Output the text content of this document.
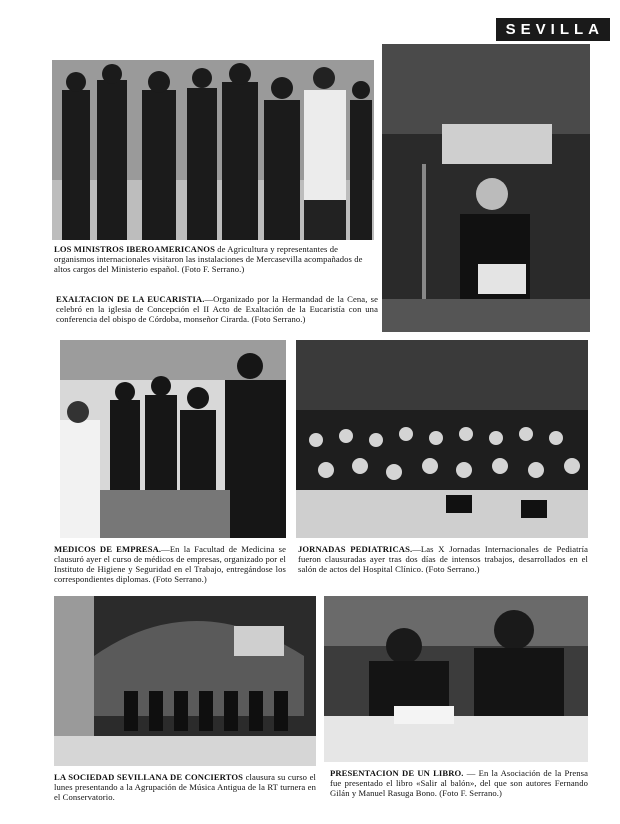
SEVILLA
LOS MINISTROS IBEROAMERICANOS de Agricultura y representantes de organismos internacionales visitaron las instalaciones de Mercasevilla acompañados de altos cargos del Ministerio español. (Foto F. Serrano.)
EXALTACION DE LA EUCARISTIA.—Organizado por la Hermandad de la Cena, se celebró en la iglesia de Concepción el II Acto de Exaltación de la Eucaristía con una conferencia del obispo de Córdoba, monseñor Cirarda. (Foto Serrano.)
MEDICOS DE EMPRESA.—En la Facultad de Medicina se clausuró ayer el curso de médicos de empresas, organizado por el Instituto de Higiene y Seguridad en el Trabajo, entregándose los correspondientes diplomas. (Foto Serrano.)
JORNADAS PEDIATRICAS.—Las X Jornadas Internacionales de Pediatría fueron clausuradas ayer tras dos días de intensos trabajos, desarrollados en el salón de actos del Hospital Clínico. (Foto Serrano.)
LA SOCIEDAD SEVILLANA DE CONCIERTOS clausura su curso el lunes presentando a la Agrupación de Música Antigua de la RT turnera en el Conservatorio.
PRESENTACION DE UN LIBRO. — En la Asociación de la Prensa fue presentado el libro «Salir al balón», del que son autores Fernando Gilán y Manuel Rasuga Bono. (Foto F. Serrano.)
